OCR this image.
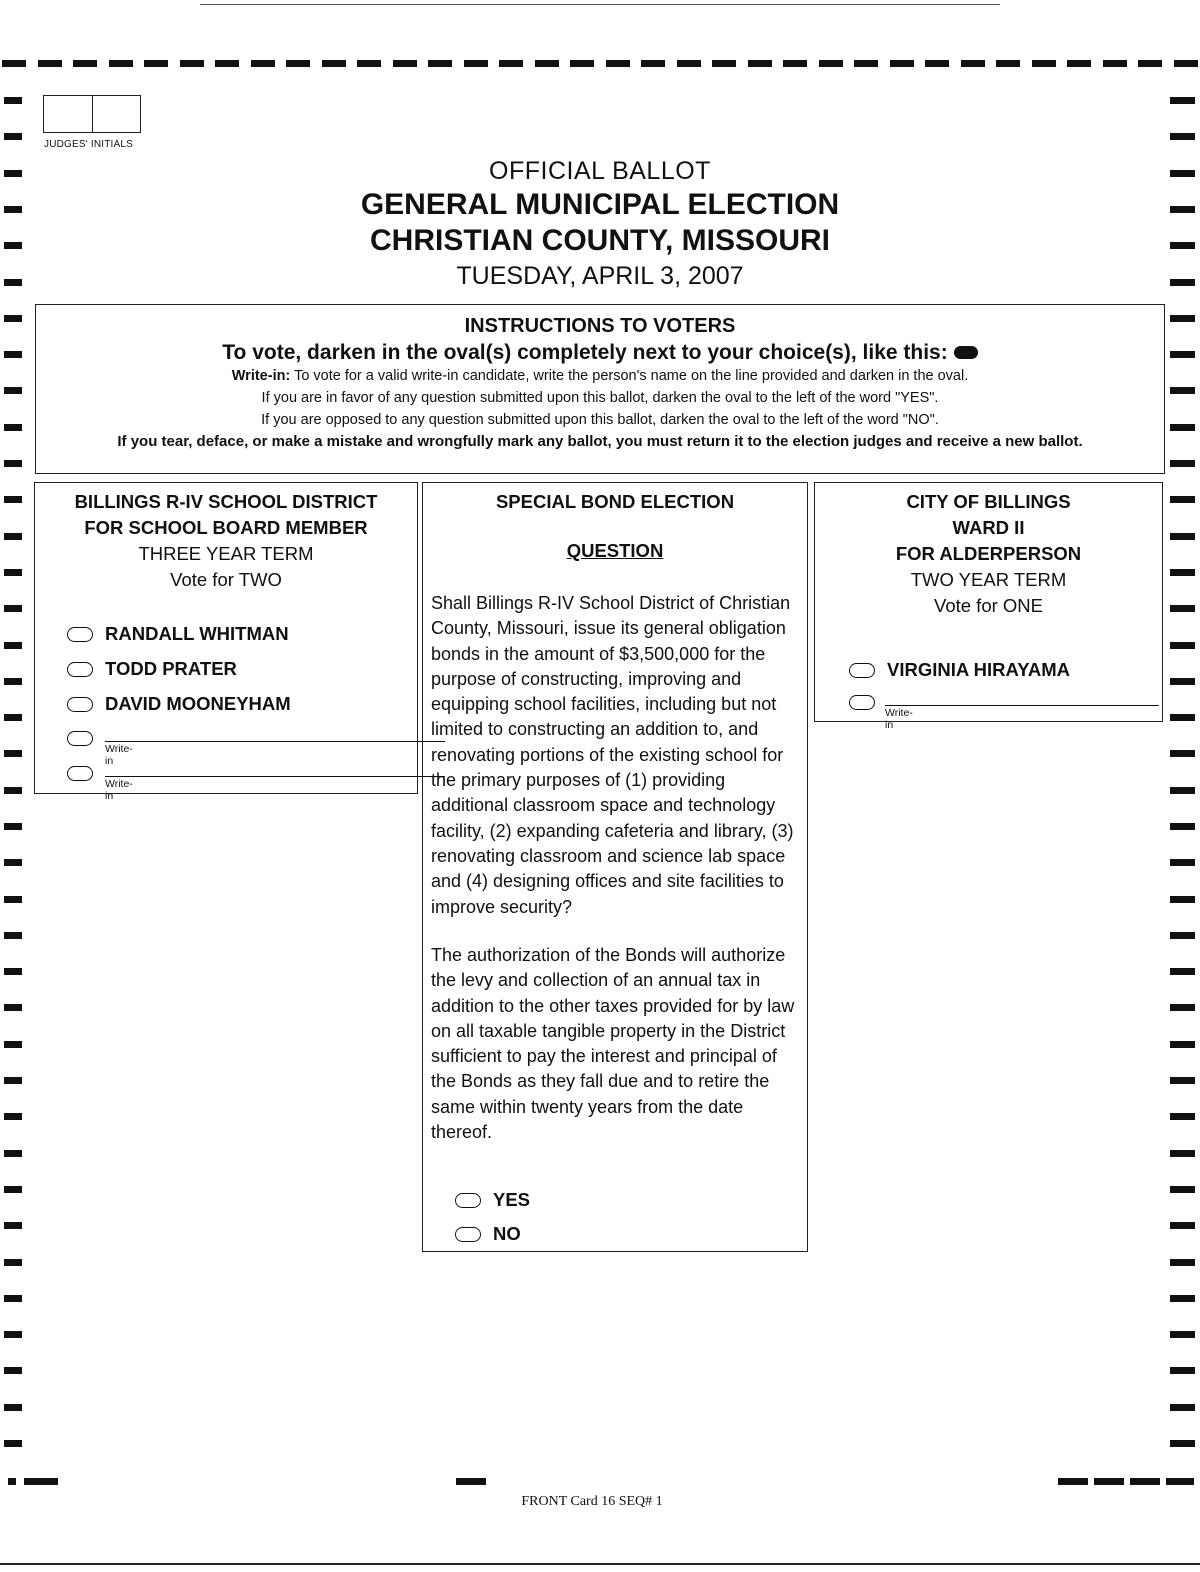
JUDGES' INITIALS
OFFICIAL BALLOT
GENERAL MUNICIPAL ELECTION
CHRISTIAN COUNTY, MISSOURI
TUESDAY, APRIL 3, 2007
INSTRUCTIONS TO VOTERS
To vote, darken in the oval(s) completely next to your choice(s), like this:
Write-in: To vote for a valid write-in candidate, write the person's name on the line provided and darken in the oval.
If you are in favor of any question submitted upon this ballot, darken the oval to the left of the word "YES".
If you are opposed to any question submitted upon this ballot, darken the oval to the left of the word "NO".
If you tear, deface, or make a mistake and wrongfully mark any ballot, you must return it to the election judges and receive a new ballot.
BILLINGS R-IV SCHOOL DISTRICT
FOR SCHOOL BOARD MEMBER
THREE YEAR TERM
Vote for TWO
RANDALL WHITMAN
TODD PRATER
DAVID MOONEYHAM
Write-in
Write-in
SPECIAL BOND ELECTION
QUESTION
Shall Billings R-IV School District of Christian
County, Missouri, issue its general obligation
bonds in the amount of $3,500,000 for the
purpose of constructing, improving and
equipping school facilities, including but not
limited to constructing an addition to, and
renovating portions of the existing school for
the primary purposes of (1) providing
additional classroom space and technology
facility, (2) expanding cafeteria and library, (3)
renovating classroom and science lab space
and (4) designing offices and site facilities to
improve security?
The authorization of the Bonds will authorize
the levy and collection of an annual tax in
addition to the other taxes provided for by law
on all taxable tangible property in the District
sufficient to pay the interest and principal of
the Bonds as they fall due and to retire the
same within twenty years from the date
thereof.
YES
NO
CITY OF BILLINGS
WARD II
FOR ALDERPERSON
TWO YEAR TERM
Vote for ONE
VIRGINIA HIRAYAMA
Write-in
FRONT Card 16 SEQ# 1
